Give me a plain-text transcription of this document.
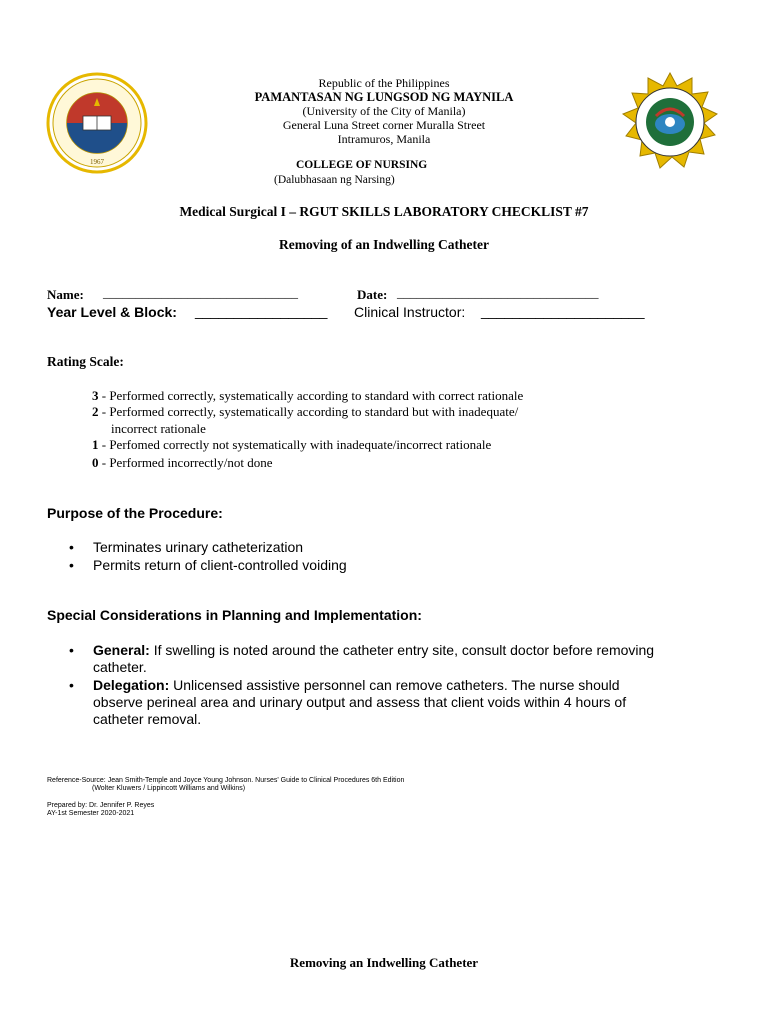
1967
Republic of the Philippines
PAMANTASAN NG LUNGSOD NG MAYNILA
(University of the City of Manila)
General Luna Street corner Muralla Street
Intramuros, Manila
COLLEGE OF NURSING
(Dalubhasaan ng Narsing)
Medical Surgical I – RGUT SKILLS LABORATORY CHECKLIST #7
Removing of an Indwelling Catheter
Name: ______________________________	Date: _______________________________
Year Level & Block: _________________ Clinical Instructor: _____________________
Rating Scale:
3 - Performed correctly, systematically according to standard with correct rationale
2 - Performed correctly, systematically according to standard but with inadequate/
incorrect rationale
1 - Perfomed correctly not systematically with inadequate/incorrect rationale
0 - Performed incorrectly/not done
Purpose of the Procedure:
• Terminates urinary catheterization
• Permits return of client-controlled voiding
Special Considerations in Planning and Implementation:
• General: If swelling is noted around the catheter entry site, consult doctor before removing
catheter.
• Delegation: Unlicensed assistive personnel can remove catheters. The nurse should
observe perineal area and urinary output and assess that client voids within 4 hours of
catheter removal.
Reference-Source: Jean Smith-Temple and Joyce Young Johnson. Nurses' Guide to Clinical Procedures 6th Edition
(Wolter Kluwers / Lippincott Williams and Wilkins)
Prepared by: Dr. Jennifer P. Reyes
AY-1st Semester 2020-2021
Removing an Indwelling Catheter
